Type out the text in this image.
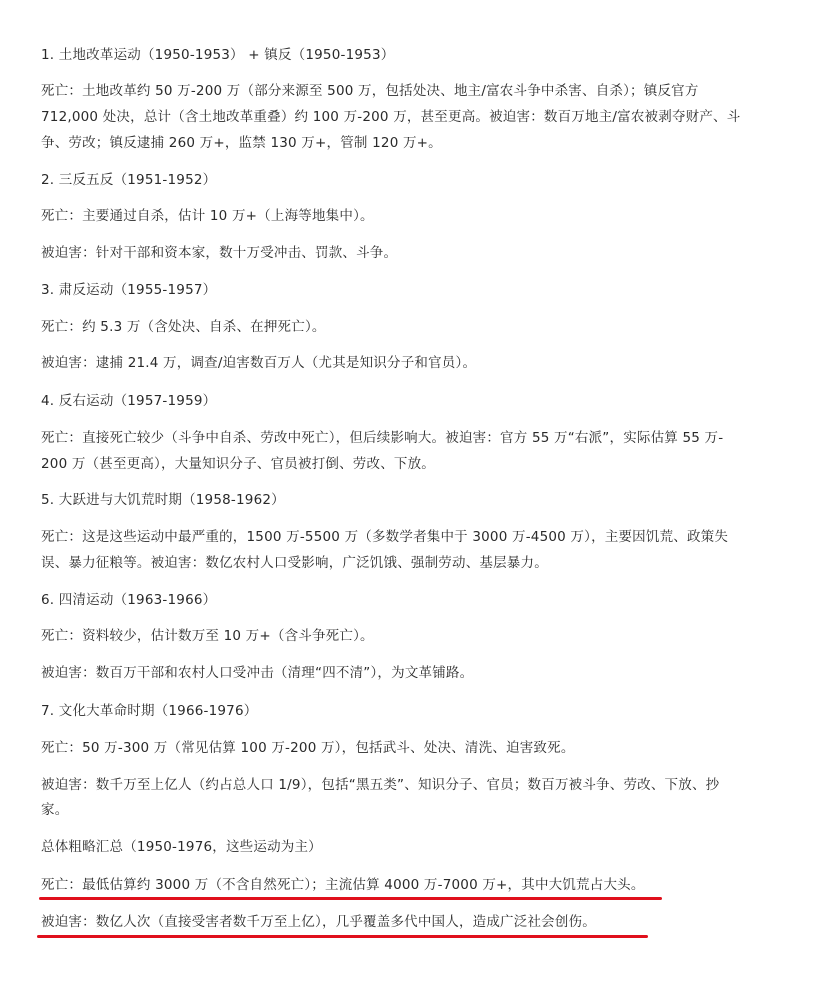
1. 土地改革运动（1950-1953） + 镇反（1950-1953）
死亡：土地改革约 50 万-200 万（部分来源至 500 万，包括处决、地主/富农斗争中杀害、自杀）；镇反官方
712,000 处决，总计（含土地改革重叠）约 100 万-200 万，甚至更高。被迫害：数百万地主/富农被剥夺财产、斗
争、劳改；镇反逮捕 260 万+，监禁 130 万+，管制 120 万+。
2. 三反五反（1951-1952）
死亡：主要通过自杀，估计 10 万+（上海等地集中）。
被迫害：针对干部和资本家，数十万受冲击、罚款、斗争。
3. 肃反运动（1955-1957）
死亡：约 5.3 万（含处决、自杀、在押死亡）。
被迫害：逮捕 21.4 万，调查/迫害数百万人（尤其是知识分子和官员）。
4. 反右运动（1957-1959）
死亡：直接死亡较少（斗争中自杀、劳改中死亡），但后续影响大。被迫害：官方 55 万“右派”，实际估算 55 万-
200 万（甚至更高），大量知识分子、官员被打倒、劳改、下放。
5. 大跃进与大饥荒时期（1958-1962）
死亡：这是这些运动中最严重的，1500 万-5500 万（多数学者集中于 3000 万-4500 万），主要因饥荒、政策失
误、暴力征粮等。被迫害：数亿农村人口受影响，广泛饥饿、强制劳动、基层暴力。
6. 四清运动（1963-1966）
死亡：资料较少，估计数万至 10 万+（含斗争死亡）。
被迫害：数百万干部和农村人口受冲击（清理“四不清”），为文革铺路。
7. 文化大革命时期（1966-1976）
死亡：50 万-300 万（常见估算 100 万-200 万），包括武斗、处决、清洗、迫害致死。
被迫害：数千万至上亿人（约占总人口 1/9），包括“黑五类”、知识分子、官员；数百万被斗争、劳改、下放、抄
家。
总体粗略汇总（1950-1976，这些运动为主）
死亡：最低估算约 3000 万（不含自然死亡）；主流估算 4000 万-7000 万+，其中大饥荒占大头。
被迫害：数亿人次（直接受害者数千万至上亿），几乎覆盖多代中国人，造成广泛社会创伤。
